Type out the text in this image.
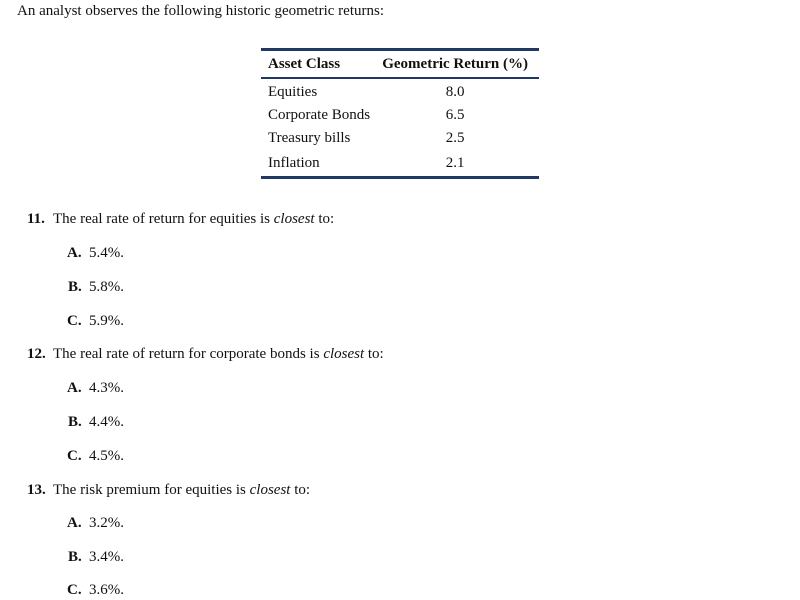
An analyst observes the following historic geometric returns:
Asset Class	Geometric Return (%)
Equities	8.0
Corporate Bonds	6.5
Treasury bills	2.5
Inflation	2.1
11. The real rate of return for equities is closest to:
A. 5.4%.
B. 5.8%.
C. 5.9%.
12. The real rate of return for corporate bonds is closest to:
A. 4.3%.
B. 4.4%.
C. 4.5%.
13. The risk premium for equities is closest to:
A. 3.2%.
B. 3.4%.
C. 3.6%.
